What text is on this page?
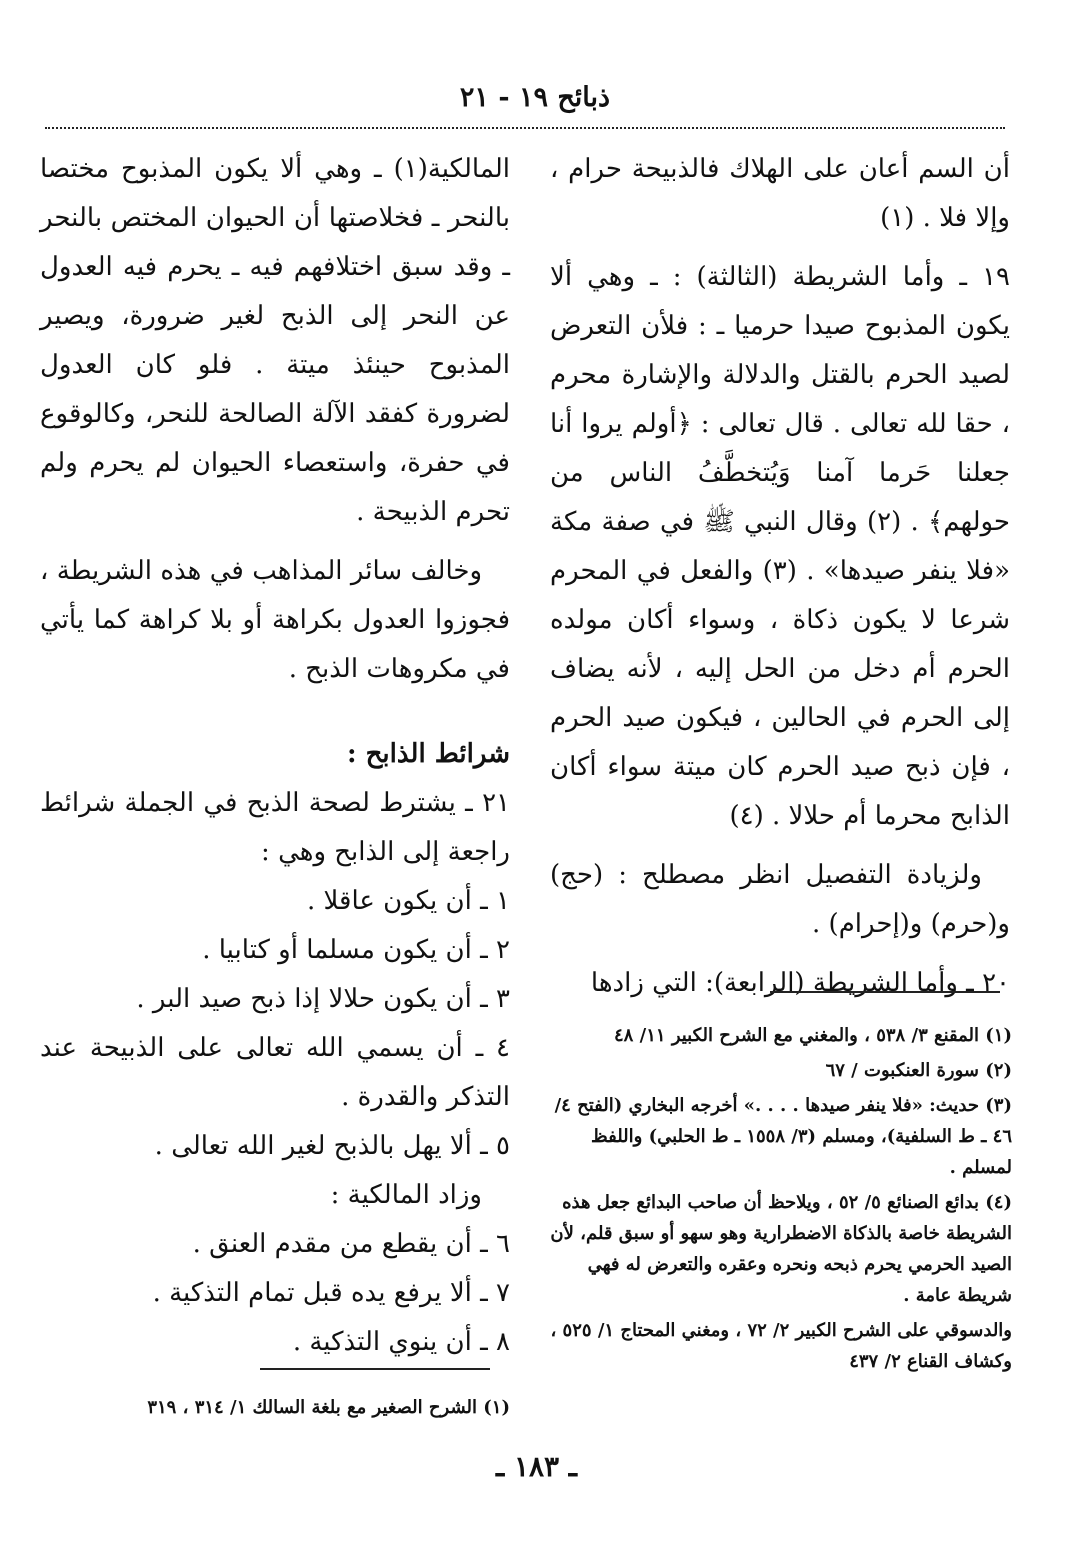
ذبائح ١٩ - ٢١

أن السم أعان على الهلاك فالذبيحة حرام ، وإلا فلا . (١)

١٩ ـ وأما الشريطة (الثالثة) : ـ وهي ألا يكون المذبوح صيدا حرميا ـ : فلأن التعرض لصيد الحرم بالقتل والدلالة والإشارة محرم ، حقا لله تعالى . قال تعالى : ﴿أولم يروا أنا جعلنا حَرما آمنا وَيُتخطَّفُ الناس من حولهم﴾ . (٢) وقال النبي ﷺ في صفة مكة «فلا ينفر صيدها» . (٣) والفعل في المحرم شرعا لا يكون ذكاة ، وسواء أكان مولده الحرم أم دخل من الحل إليه ، لأنه يضاف إلى الحرم في الحالين ، فيكون صيد الحرم ، فإن ذبح صيد الحرم كان ميتة سواء أكان الذابح محرما أم حلالا . (٤)

ولزيادة التفصيل انظر مصطلح : (حج) و(حرم) و(إحرام) .

٢٠ ـ وأما الشريطة (الرابعة): التي زادها

(١) المقنع ٣/ ٥٣٨ ، والمغني مع الشرح الكبير ١١/ ٤٨

(٢) سورة العنكبوت / ٦٧

(٣) حديث: «فلا ينفر صيدها . . . .» أخرجه البخاري (الفتح ٤/ ٤٦ ـ ط السلفية)، ومسلم (٣/ ١٥٥٨ ـ ط الحلبي) واللفظ لمسلم .

(٤) بدائع الصنائع ٥/ ٥٢ ، ويلاحظ أن صاحب البدائع جعل هذه الشريطة خاصة بالذكاة الاضطرارية وهو سهو أو سبق قلم، لأن الصيد الحرمي يحرم ذبحه ونحره وعقره والتعرض له فهي شريطة عامة .

والدسوقي على الشرح الكبير ٢/ ٧٢ ، ومغني المحتاج ١/ ٥٢٥ ، وكشاف القناع ٢/ ٤٣٧

المالكية(١) ـ وهي ألا يكون المذبوح مختصا بالنحر ـ فخلاصتها أن الحيوان المختص بالنحر ـ وقد سبق اختلافهم فيه ـ يحرم فيه العدول عن النحر إلى الذبح لغير ضرورة، ويصير المذبوح حينئذ ميتة . فلو كان العدول لضرورة كفقد الآلة الصالحة للنحر، وكالوقوع في حفرة، واستعصاء الحيوان لم يحرم ولم تحرم الذبيحة .

وخالف سائر المذاهب في هذه الشريطة ، فجوزوا العدول بكراهة أو بلا كراهة كما يأتي في مكروهات الذبح .

شرائط الذابح :

٢١ ـ يشترط لصحة الذبح في الجملة شرائط راجعة إلى الذابح وهي :

١ ـ أن يكون عاقلا .
٢ ـ أن يكون مسلما أو كتابيا .
٣ ـ أن يكون حلالا إذا ذبح صيد البر .
٤ ـ أن يسمي الله تعالى على الذبيحة عند التذكر والقدرة .
٥ ـ ألا يهل بالذبح لغير الله تعالى .
وزاد المالكية :
٦ ـ أن يقطع من مقدم العنق .
٧ ـ ألا يرفع يده قبل تمام التذكية .
٨ ـ أن ينوي التذكية .

(١) الشرح الصغير مع بلغة السالك ١/ ٣١٤ ، ٣١٩

ـ ١٨٣ ـ
